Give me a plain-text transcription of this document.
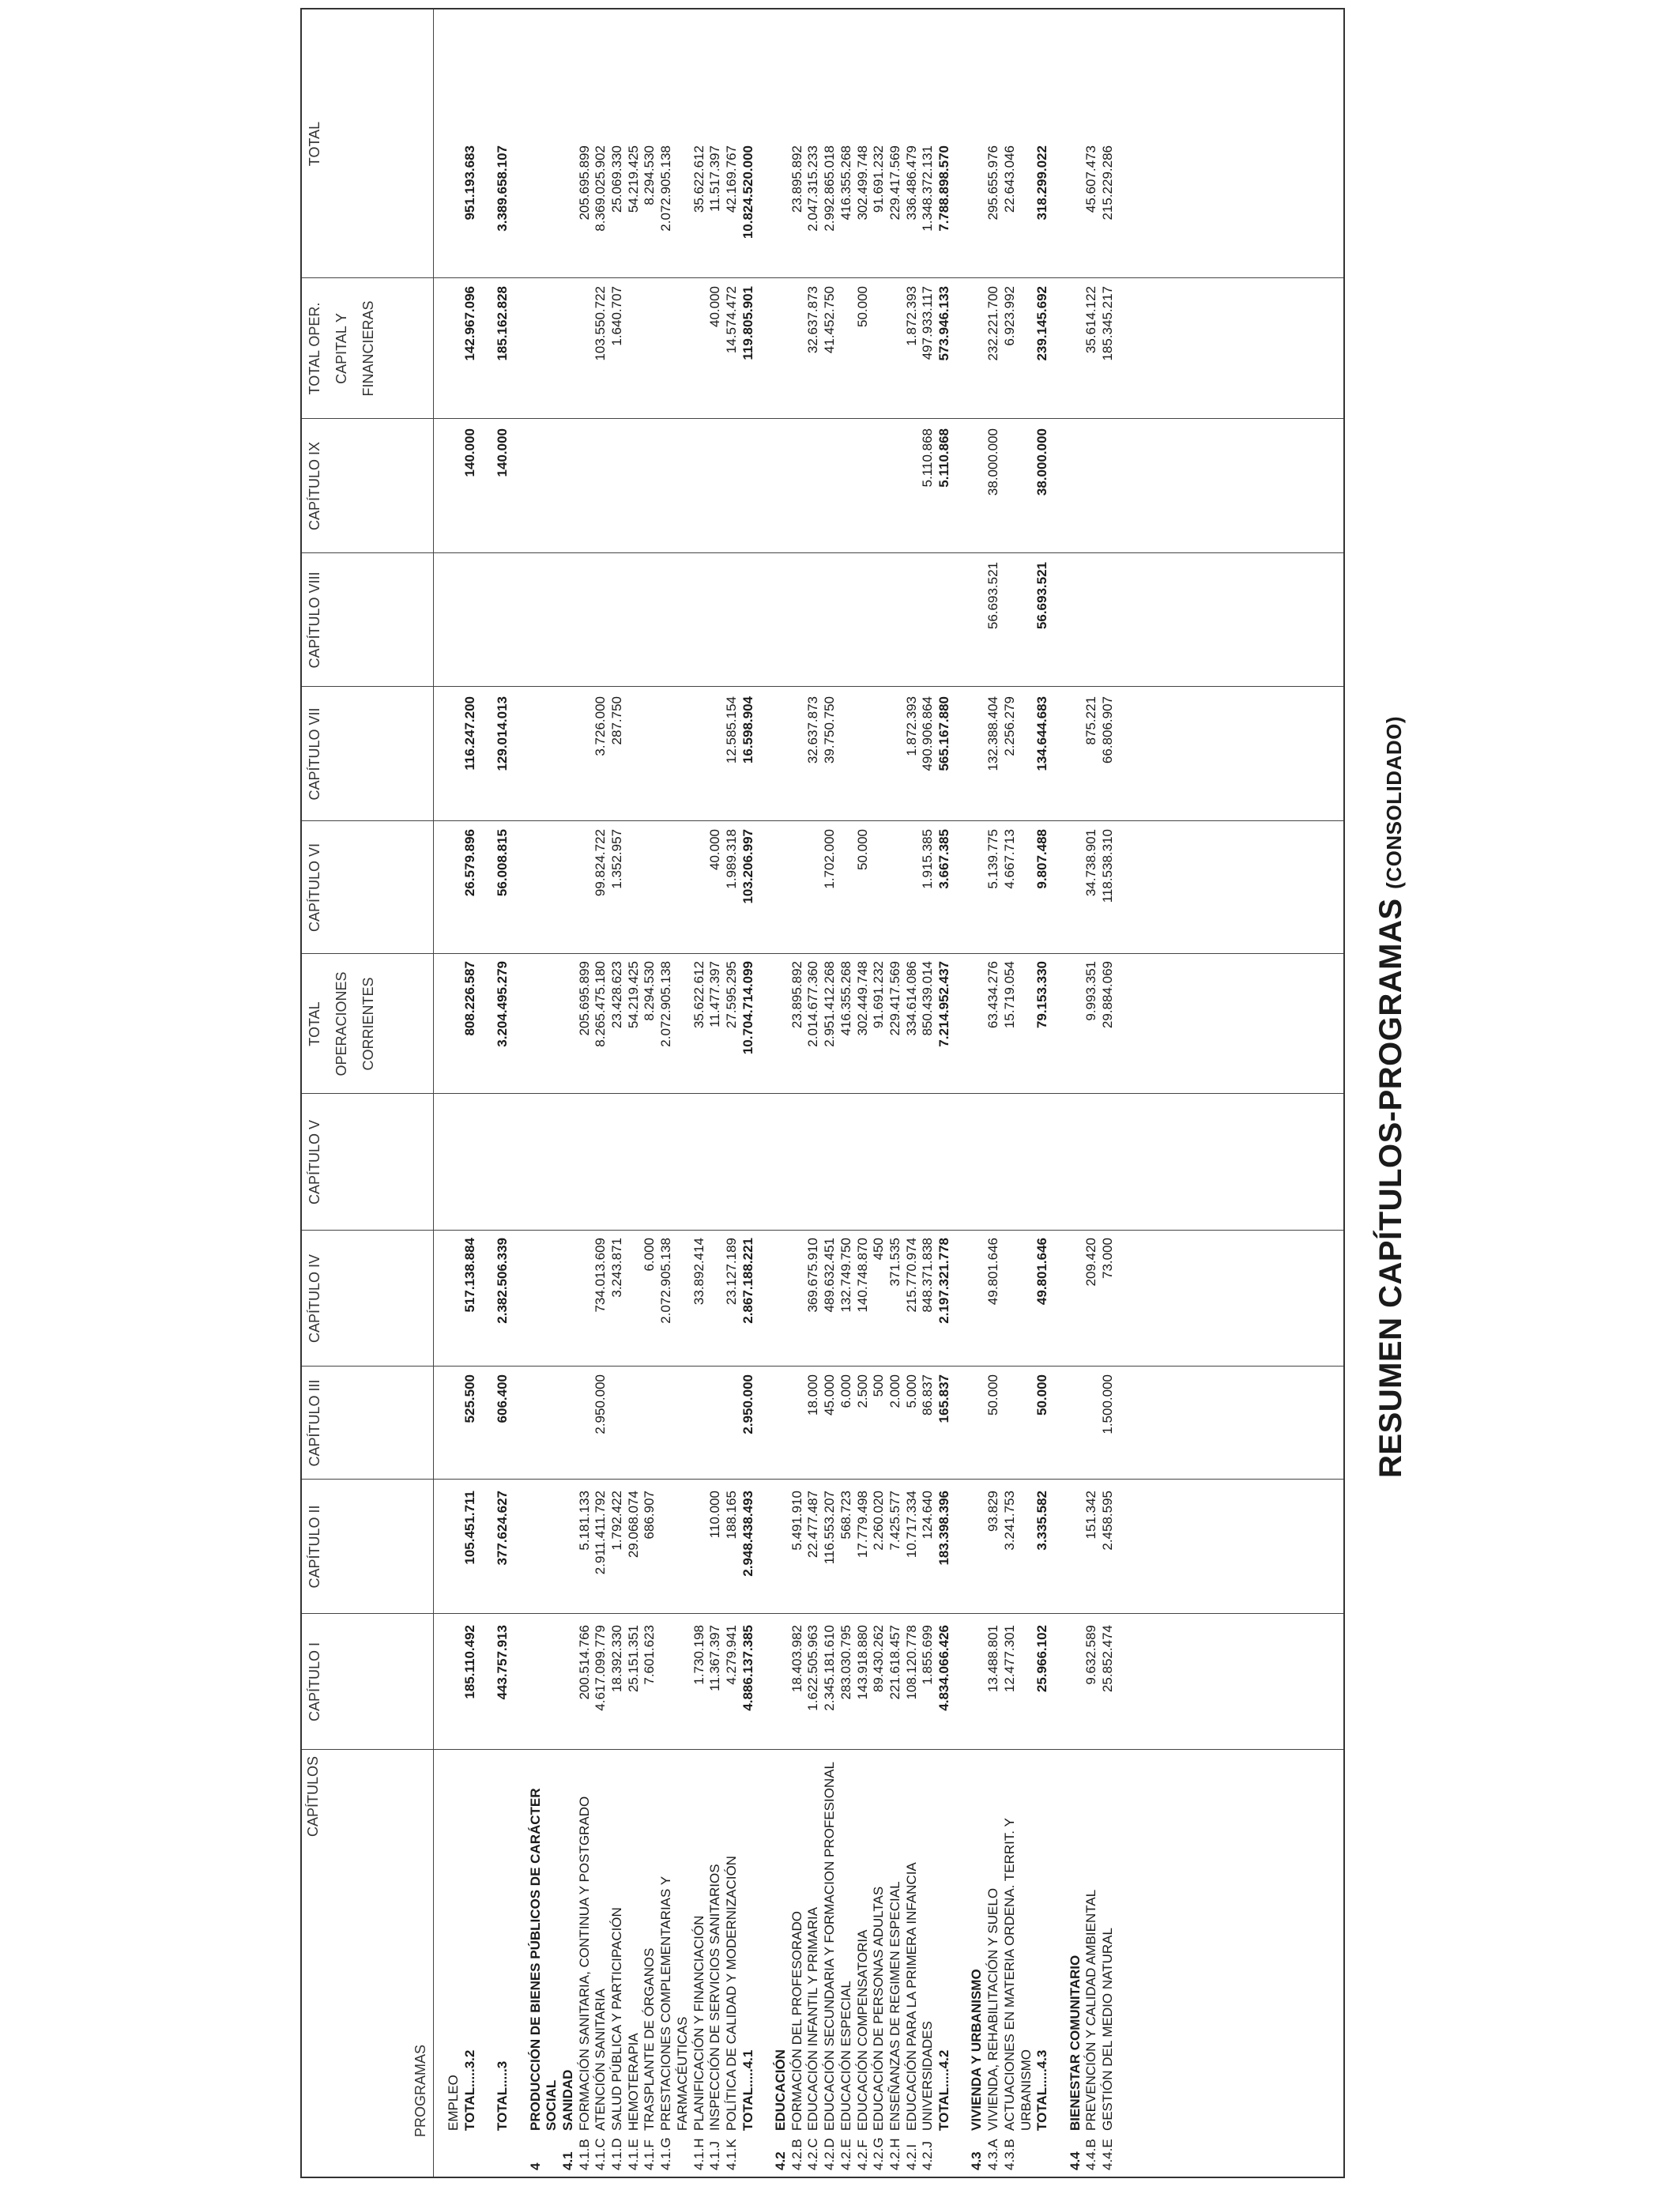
RESUMEN CAPÍTULOS-PROGRAMAS (CONSOLIDADO)
CAPÍTULOS
PROGRAMAS
CAPÍTULO I
CAPÍTULO II
CAPÍTULO III
CAPÍTULO IV
CAPÍTULO V
TOTAL OPERACIONES CORRIENTES
CAPÍTULO VI
CAPÍTULO VII
CAPÍTULO VIII
CAPÍTULO IX
TOTAL OPER. CAPITAL Y FINANCIERAS
TOTAL
EMPLEO TOTAL.....3.2
185.110.492
105.451.711
525.500
517.138.884
808.226.587
26.579.896
116.247.200
140.000
142.967.096
951.193.683
TOTAL.....3
443.757.913
377.624.627
606.400
2.382.506.339
3.204.495.279
56.008.815
129.014.013
140.000
185.162.828
3.389.658.107
4
PRODUCCIÓN DE BIENES PÚBLICOS DE CARÁCTER SOCIAL
4.1
SANIDAD
4.1.B
FORMACIÓN SANITARIA, CONTINUA Y POSTGRADO
200.514.766
5.181.133
205.695.899
205.695.899
4.1.C
ATENCIÓN SANITARIA
4.617.099.779
2.911.411.792
2.950.000
734.013.609
8.265.475.180
99.824.722
3.726.000
103.550.722
8.369.025.902
4.1.D
SALUD PÚBLICA Y PARTICIPACIÓN
18.392.330
1.792.422
3.243.871
23.428.623
1.352.957
287.750
1.640.707
25.069.330
4.1.E
HEMOTERAPIA
25.151.351
29.068.074
54.219.425
54.219.425
4.1.F
TRASPLANTE DE ÓRGANOS
7.601.623
686.907
6.000
8.294.530
8.294.530
4.1.G
PRESTACIONES COMPLEMENTARIAS Y
2.072.905.138
2.072.905.138
2.072.905.138
FARMACÉUTICAS
4.1.H
PLANIFICACIÓN Y FINANCIACIÓN
1.730.198
33.892.414
35.622.612
35.622.612
4.1.J
INSPECCIÓN DE SERVICIOS SANITARIOS
11.367.397
110.000
11.477.397
40.000
40.000
11.517.397
4.1.K
POLÍTICA DE CALIDAD Y MODERNIZACIÓN
4.279.941
188.165
23.127.189
27.595.295
1.989.318
12.585.154
14.574.472
42.169.767
TOTAL.....4.1
4.886.137.385
2.948.438.493
2.950.000
2.867.188.221
10.704.714.099
103.206.997
16.598.904
119.805.901
10.824.520.000
4.2
EDUCACIÓN
4.2.B
FORMACIÓN DEL PROFESORADO
18.403.982
5.491.910
23.895.892
23.895.892
4.2.C
EDUCACIÓN INFANTIL Y PRIMARIA
1.622.505.963
22.477.487
18.000
369.675.910
2.014.677.360
32.637.873
32.637.873
2.047.315.233
4.2.D
EDUCACIÓN SECUNDARIA Y FORMACION PROFESIONAL
2.345.181.610
116.553.207
45.000
489.632.451
2.951.412.268
1.702.000
39.750.750
41.452.750
2.992.865.018
4.2.E
EDUCACIÓN ESPECIAL
283.030.795
568.723
6.000
132.749.750
416.355.268
416.355.268
4.2.F
EDUCACIÓN COMPENSATORIA
143.918.880
17.779.498
2.500
140.748.870
302.449.748
50.000
50.000
302.499.748
4.2.G
EDUCACIÓN DE PERSONAS ADULTAS
89.430.262
2.260.020
500
450
91.691.232
91.691.232
4.2.H
ENSEÑANZAS DE REGIMEN ESPECIAL
221.618.457
7.425.577
2.000
371.535
229.417.569
229.417.569
4.2.I
EDUCACIÓN PARA LA PRIMERA INFANCIA
108.120.778
10.717.334
5.000
215.770.974
334.614.086
1.872.393
1.872.393
336.486.479
4.2.J
UNIVERSIDADES
1.855.699
124.640
86.837
848.371.838
850.439.014
1.915.385
490.906.864
5.110.868
497.933.117
1.348.372.131
TOTAL.....4.2
4.834.066.426
183.398.396
165.837
2.197.321.778
7.214.952.437
3.667.385
565.167.880
5.110.868
573.946.133
7.788.898.570
4.3
VIVIENDA Y URBANISMO
4.3.A
VIVIENDA, REHABILITACIÓN Y SUELO
13.488.801
93.829
50.000
49.801.646
63.434.276
5.139.775
132.388.404
56.693.521
38.000.000
232.221.700
295.655.976
4.3.B
ACTUACIONES EN MATERIA ORDENA. TERRIT. Y
12.477.301
3.241.753
15.719.054
4.667.713
2.256.279
6.923.992
22.643.046
URBANISMO TOTAL.....4.3
25.966.102
3.335.582
50.000
49.801.646
79.153.330
9.807.488
134.644.683
56.693.521
38.000.000
239.145.692
318.299.022
4.4
BIENESTAR COMUNITARIO
4.4.B
PREVENCIÓN Y CALIDAD AMBIENTAL
9.632.589
151.342
209.420
9.993.351
34.738.901
875.221
35.614.122
45.607.473
4.4.E
GESTIÓN DEL MEDIO NATURAL
25.852.474
2.458.595
1.500.000
73.000
29.884.069
118.538.310
66.806.907
185.345.217
215.229.286
